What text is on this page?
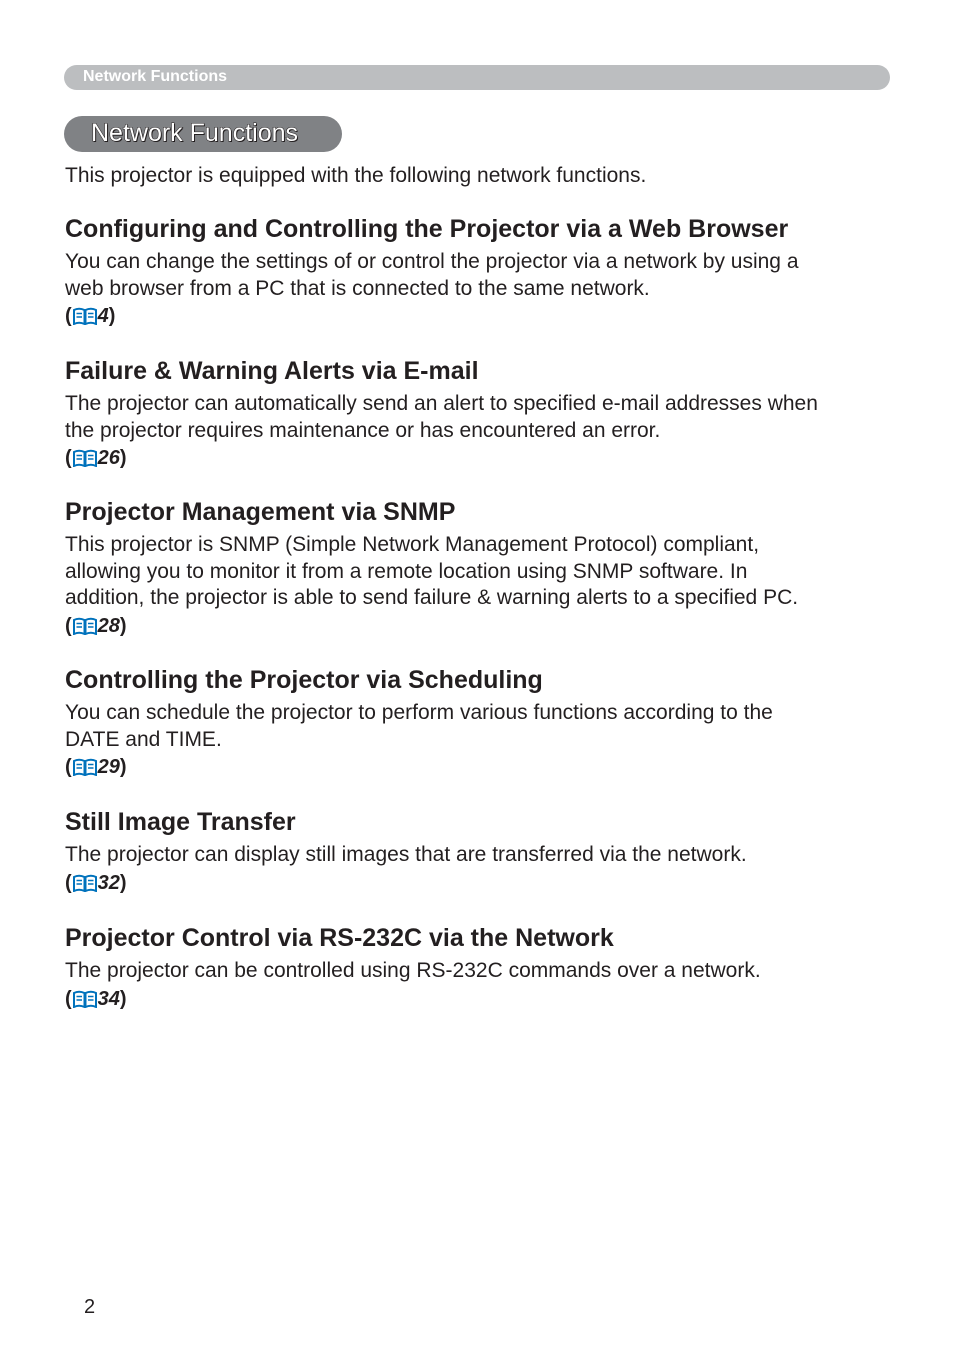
Network Functions
Network Functions
This projector is equipped with the following network functions.
Configuring and Controlling the Projector via a Web Browser

You can change the settings of or control the projector via a network by using a
web browser from a PC that is connected to the same network.

( 4 )
Failure & Warning Alerts via E-mail

The projector can automatically send an alert to specified e-mail addresses when
the projector requires maintenance or has encountered an error.

( 26 )
Projector Management via SNMP

This projector is SNMP (Simple Network Management Protocol) compliant,
allowing you to monitor it from a remote location using SNMP software. In
addition, the projector is able to send failure & warning alerts to a specified PC.

( 28 )
Controlling the Projector via Scheduling

You can schedule the projector to perform various functions according to the
DATE and TIME.

( 29 )
Still Image Transfer

The projector can display still images that are transferred via the network.

( 32 )
Projector Control via RS-232C via the Network

The projector can be controlled using RS-232C commands over a network.

( 34 )
2
